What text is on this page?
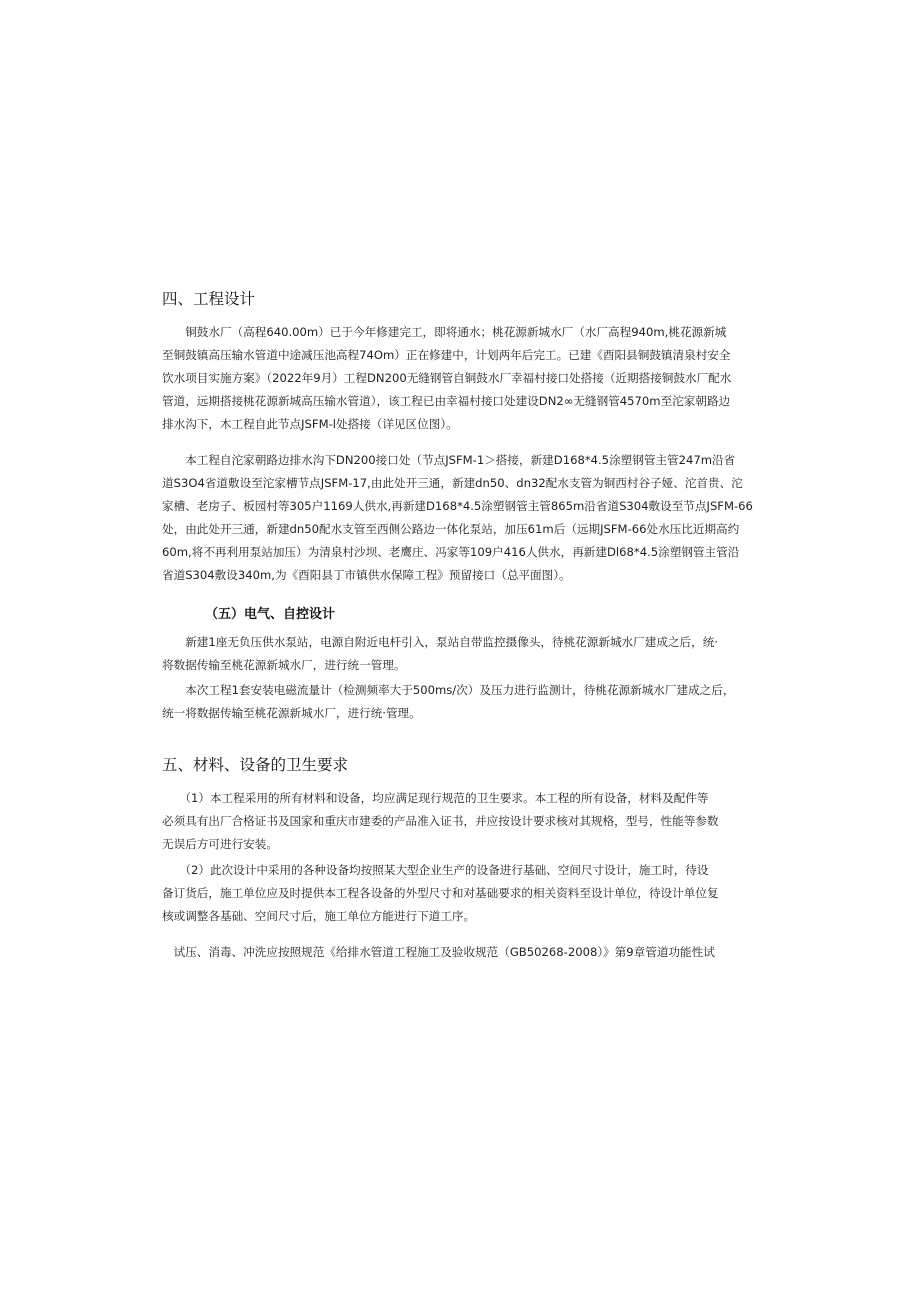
四、工程设计
　　铜鼓水厂（高程640.00m）已于今年修建完工，即将通水；桃花源新城水厂（水厂高程940m,桃花源新城
至铜鼓镇高压输水管道中途减压池高程74Om）正在修建中，计划两年后完工。已建《酉阳县铜鼓镇清泉村安全
饮水项目实施方案》（2022年9月）工程DN200无缝钢管自铜鼓水厂幸福村接口处搭接（近期搭接铜鼓水厂配水
管道，远期搭接桃花源新城高压输水管道），该工程已由幸福村接口处建设DN2∞无缝钢管4570m至沱家朝路边
排水沟下，木工程自此节点JSFM-l处搭接（详见区位图）。
　　本工程自沱家朝路边排水沟下DN200接口处（节点JSFM-1＞搭接，新建D168*4.5涂塑钢管主管247m沿省
道S3O4省道敷设至沱家槽节点JSFM-17,由此处开三通，新建dn50、dn32配水支管为铜西村谷子娅、沱首贵、沱
家槽、老房子、板园村等305户1169人供水,再新建D168*4.5涂塑钢管主管865m沿省道S304敷设至节点JSFM-66
处，由此处开三通，新建dn50配水支管至西侧公路边一体化泵站，加压61m后（远期JSFM-66处水压比近期高约
60m,将不再利用泵站加压）为清泉村沙坝、老鹰庄、冯家等109户416人供水，再新建Dl68*4.5涂塑钢管主管沿
省道S304敷设340m,为《酉阳县丁市镇供水保障工程》预留接口（总平面图）。
（五）电气、自控设计
　　新建1座无负压供水泵站，电源自附近电杆引入，泵站自带监控摄像头，待桃花源新城水厂建成之后，统·
将数据传输至桃花源新城水厂，进行统一管理。
　　本次工程1套安装电磁流量计（检测频率大于500ms∕次）及压力进行监测计，待桃花源新城水厂建成之后，
统一将数据传输至桃花源新城水厂，进行统·管理。
五、材料、设备的卫生要求
　　（1）本工程采用的所有材料和设备，均应满足现行规范的卫生要求。本工程的所有设备，材料及配件等
必须具有出厂合格证书及国家和重庆市建委的产品准入证书，并应按设计要求核对其规格，型号，性能等参数
无误后方可进行安装。
　　（2）此次设计中采用的各种设备均按照某大型企业生产的设备进行基础、空间尺寸设计，施工时，待设
备订货后，施工单位应及时提供本工程各设备的外型尺寸和对基础要求的相关资料至设计单位，待设计单位复
核或调整各基础、空间尺寸后，施工单位方能进行下道工序。
　试压、消毒、冲洗应按照规范《给排水管道工程施工及验收规范（GB50268-2008）》第9章管道功能性试
